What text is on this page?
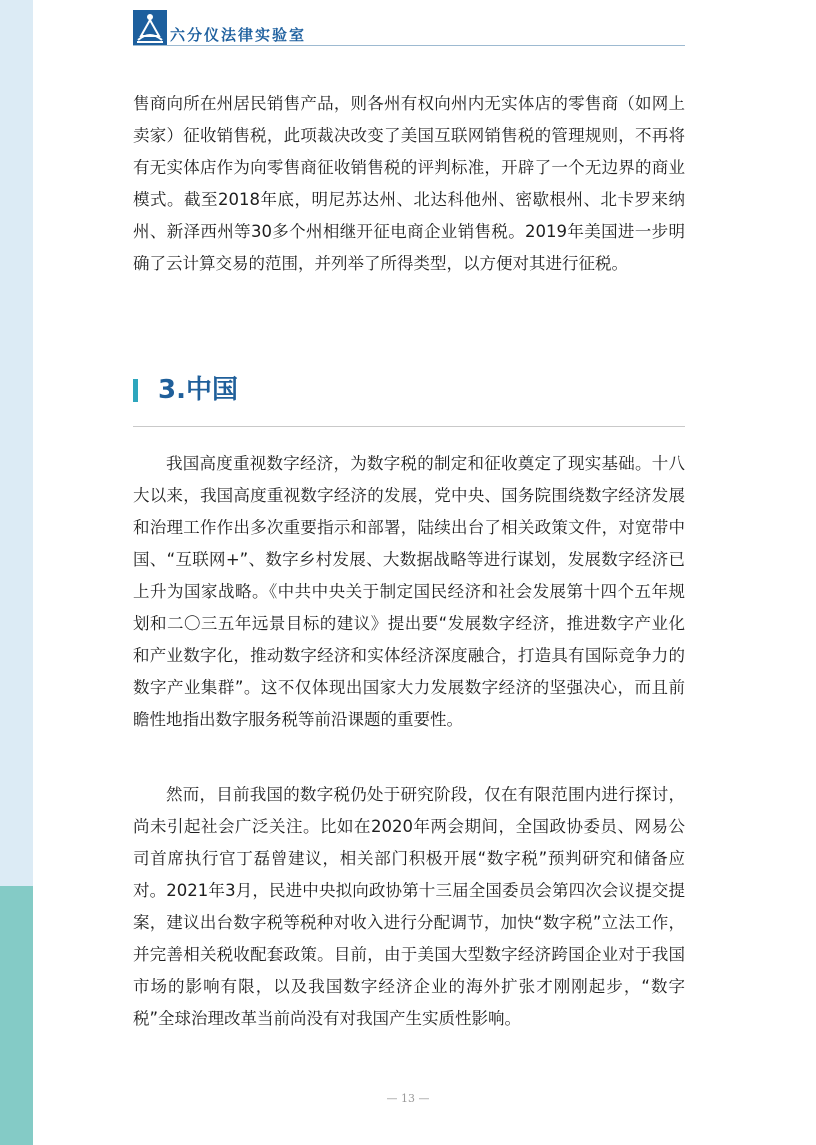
六分仪法律实验室

售商向所在州居民销售产品，则各州有权向州内无实体店的零售商（如网上卖家）征收销售税，此项裁决改变了美国互联网销售税的管理规则，不再将有无实体店作为向零售商征收销售税的评判标准，开辟了一个无边界的商业模式。截至2018年底，明尼苏达州、北达科他州、密歇根州、北卡罗来纳州、新泽西州等30多个州相继开征电商企业销售税。2019年美国进一步明确了云计算交易的范围，并列举了所得类型，以方便对其进行征税。

3.中国

我国高度重视数字经济，为数字税的制定和征收奠定了现实基础。十八大以来，我国高度重视数字经济的发展，党中央、国务院围绕数字经济发展和治理工作作出多次重要指示和部署，陆续出台了相关政策文件，对宽带中国、“互联网+”、数字乡村发展、大数据战略等进行谋划，发展数字经济已上升为国家战略。《中共中央关于制定国民经济和社会发展第十四个五年规划和二〇三五年远景目标的建议》提出要“发展数字经济，推进数字产业化和产业数字化，推动数字经济和实体经济深度融合，打造具有国际竞争力的数字产业集群”。这不仅体现出国家大力发展数字经济的坚强决心，而且前瞻性地指出数字服务税等前沿课题的重要性。

然而，目前我国的数字税仍处于研究阶段，仅在有限范围内进行探讨，尚未引起社会广泛关注。比如在2020年两会期间，全国政协委员、网易公司首席执行官丁磊曾建议，相关部门积极开展“数字税”预判研究和储备应对。2021年3月，民进中央拟向政协第十三届全国委员会第四次会议提交提案，建议出台数字税等税种对收入进行分配调节，加快“数字税”立法工作，并完善相关税收配套政策。目前，由于美国大型数字经济跨国企业对于我国市场的影响有限，以及我国数字经济企业的海外扩张才刚刚起步，“数字税”全球治理改革当前尚没有对我国产生实质性影响。

— 13 —
